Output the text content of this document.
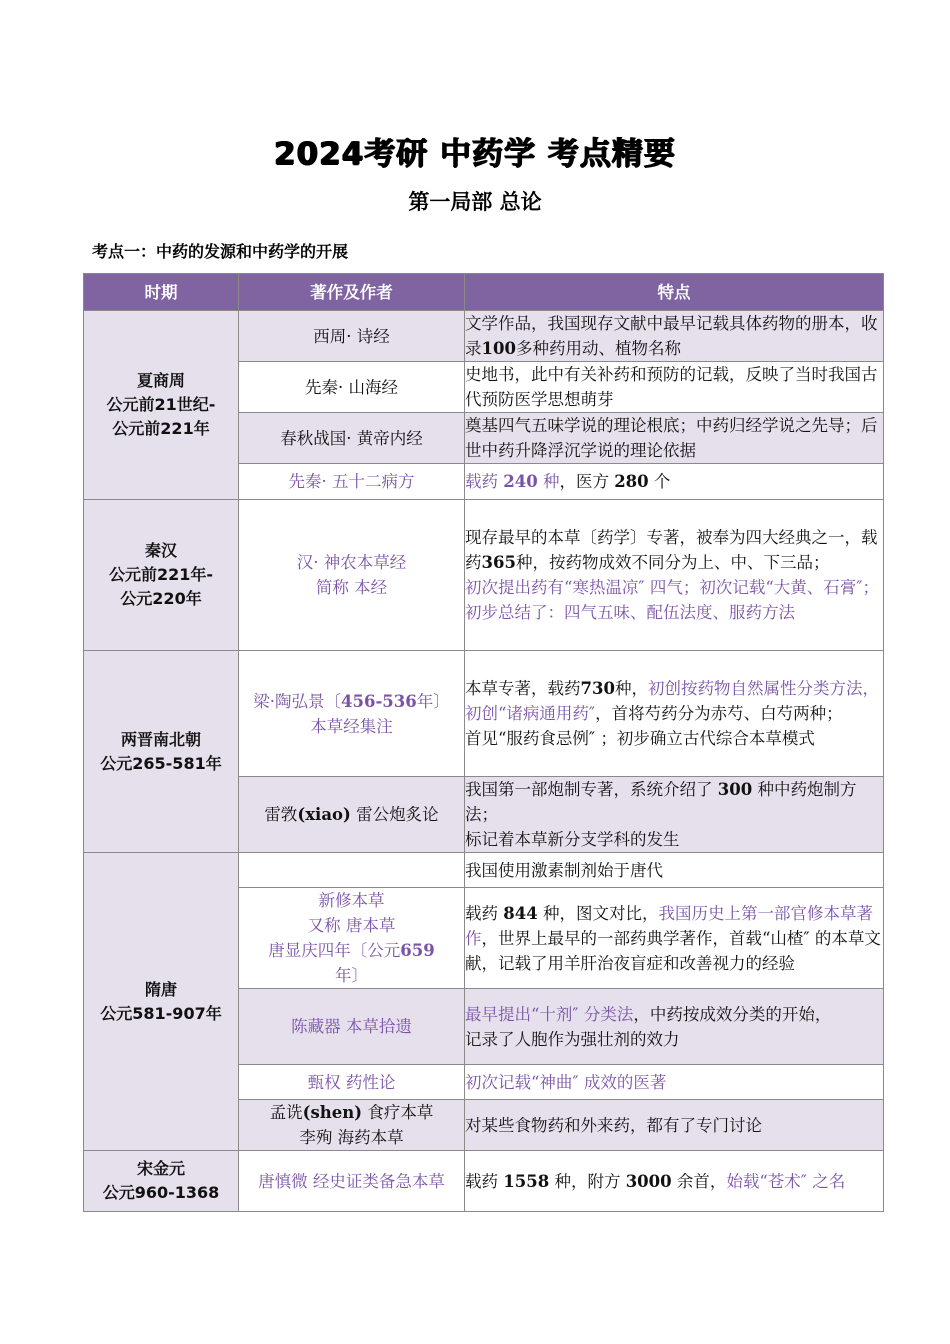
2024考研 中药学 考点精要
第一局部 总论
考点一：中药的发源和中药学的开展
时期	著作及作者	特点

夏商周
公元前21世纪-
公元前221年	西周· 诗经	文学作品，我国现存文献中最早记载具体药物的册本，收录100多种药用动、植物名称
	先秦· 山海经	史地书，此中有关补药和预防的记载，反映了当时我国古代预防医学思想萌芽
	春秋战国· 黄帝内经	奠基四气五味学说的理论根底；中药归经学说之先导；后世中药升降浮沉学说的理论依据
	先秦· 五十二病方	载药 240 种，医方 280 个

秦汉
公元前221年-
公元220年	汉· 神农本草经
简称 本经	现存最早的本草〔药学〕专著，被奉为四大经典之一，载药365种，按药物成效不同分为上、中、下三品；
初次提出药有“寒热温凉″ 四气；初次记载“大黄、石膏″；初步总结了：四气五味、配伍法度、服药方法

两晋南北朝
公元265-581年	梁·陶弘景〔456-536年〕
本草经集注	本草专著，载药730种，初创按药物自然属性分类方法，初创“诸病通用药″，首将芍药分为赤芍、白芍两种；
首见“服药食忌例″ ；初步确立古代综合本草模式

	雷敩(xiao) 雷公炮炙论	我国第一部炮制专著，系统介绍了 300 种中药炮制方法；
标记着本草新分支学科的发生

隋唐
公元581-907年		我国使用激素制剂始于唐代

	新修本草
又称 唐本草
唐显庆四年〔公元659
年〕	载药 844 种，图文对比，我国历史上第一部官修本草著作，世界上最早的一部药典学著作，首载“山楂″ 的本草文献，记载了用羊肝治夜盲症和改善视力的经验
	陈藏器 本草拾遗	最早提出“十剂″ 分类法，中药按成效分类的开始，
记录了人胞作为强壮剂的效力

	甄权 药性论	初次记载“神曲″ 成效的医著

	孟诜(shen) 食疗本草
李殉 海药本草	对某些食物药和外来药，都有了专门讨论

宋金元
公元960-1368	唐慎微 经史证类备急本草	载药 1558 种，附方 3000 余首，始载“苍术″ 之名
